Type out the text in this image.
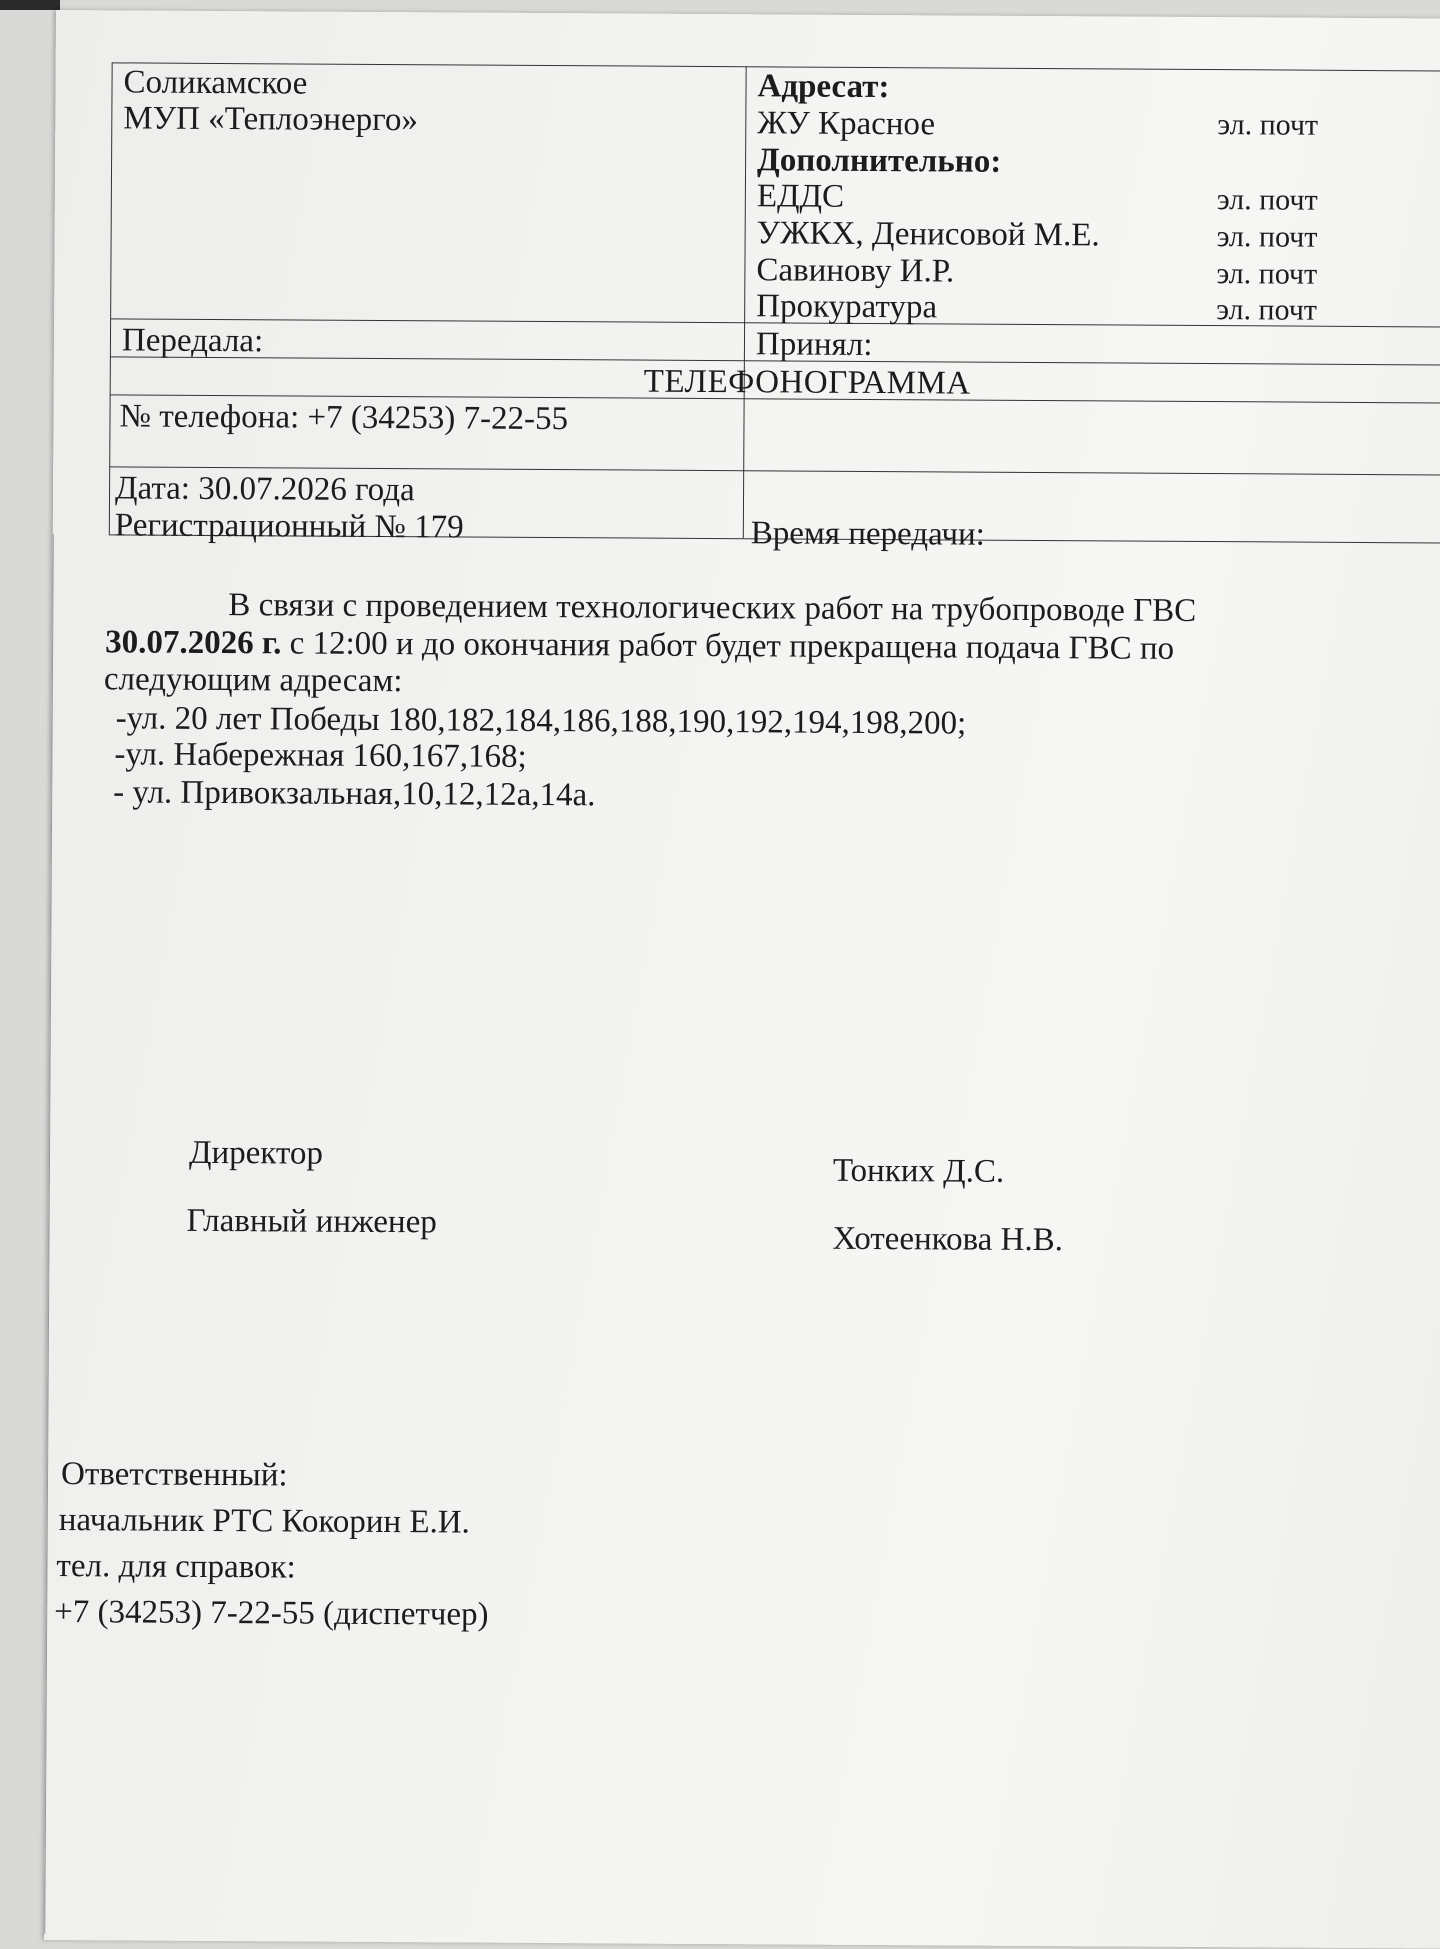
Соликамское
МУП «Теплоэнерго»
Адресат:
ЖУ Красное	эл. почт
Дополнительно:
ЕДДС	эл. почт
УЖКХ, Денисовой М.Е.	эл. почт
Савинову И.Р.	эл. почт
Прокуратура	эл. почт
Передала:	Принял:
ТЕЛЕФОНОГРАММА
№ телефона: +7 (34253) 7-22-55
Дата: 30.07.2026 года
Регистрационный № 179	Время передачи:
В связи с проведением технологических работ на трубопроводе ГВС
30.07.2026 г. с 12:00 и до окончания работ будет прекращена подача ГВС по
следующим адресам:
-ул. 20 лет Победы 180,182,184,186,188,190,192,194,198,200;
-ул. Набережная 160,167,168;
- ул. Привокзальная,10,12,12а,14а.
Директор	Тонких Д.С.
Главный инженер	Хотеенкова Н.В.
Ответственный:
начальник РТС Кокорин Е.И.
тел. для справок:
+7 (34253) 7-22-55 (диспетчер)
